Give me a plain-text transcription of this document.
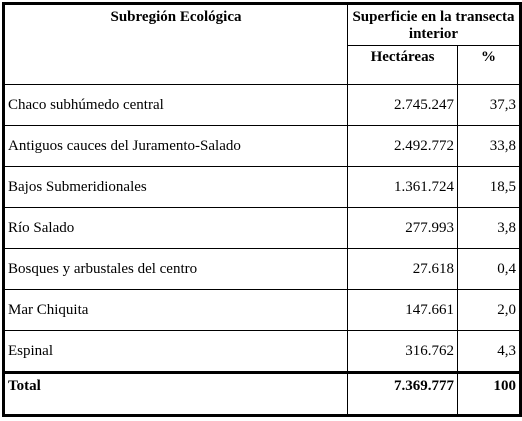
Subregión Ecológica	Superficie en la transecta interior	
	Hectáreas	%
Chaco subhúmedo central	2.745.247	37,3
Antiguos cauces del Juramento-Salado	2.492.772	33,8
Bajos Submeridionales	1.361.724	18,5
Río Salado	277.993	3,8
Bosques y arbustales del centro	27.618	0,4
Mar Chiquita	147.661	2,0
Espinal	316.762	4,3
Total	7.369.777	100
